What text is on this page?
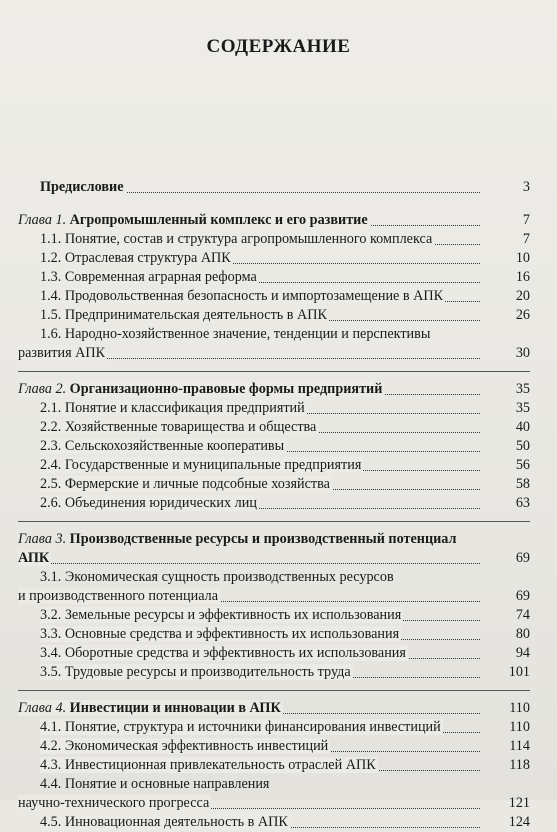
СОДЕРЖАНИЕ
Предисловие	3
Глава 1. Агропромышленный комплекс и его развитие	7
1.1. Понятие, состав и структура агропромышленного комплекса	7
1.2. Отраслевая структура АПК	10
1.3. Современная аграрная реформа	16
1.4. Продовольственная безопасность и импортозамещение в АПК	20
1.5. Предпринимательская деятельность в АПК	26
1.6. Народно-хозяйственное значение, тенденции и перспективы
развития АПК	30
Глава 2. Организационно-правовые формы предприятий	35
2.1. Понятие и классификация предприятий	35
2.2. Хозяйственные товарищества и общества	40
2.3. Сельскохозяйственные кооперативы	50
2.4. Государственные и муниципальные предприятия	56
2.5. Фермерские и личные подсобные хозяйства	58
2.6. Объединения юридических лиц	63
Глава 3. Производственные ресурсы и производственный потенциал
АПК	69
3.1. Экономическая сущность производственных ресурсов
и производственного потенциала	69
3.2. Земельные ресурсы и эффективность их использования	74
3.3. Основные средства и эффективность их использования	80
3.4. Оборотные средства и эффективность их использования	94
3.5. Трудовые ресурсы и производительность труда	101
Глава 4. Инвестиции и инновации в АПК	110
4.1. Понятие, структура и источники финансирования инвестиций	110
4.2. Экономическая эффективность инвестиций	114
4.3. Инвестиционная привлекательность отраслей АПК	118
4.4. Понятие и основные направления
научно-технического прогресса	121
4.5. Инновационная деятельность в АПК	124
